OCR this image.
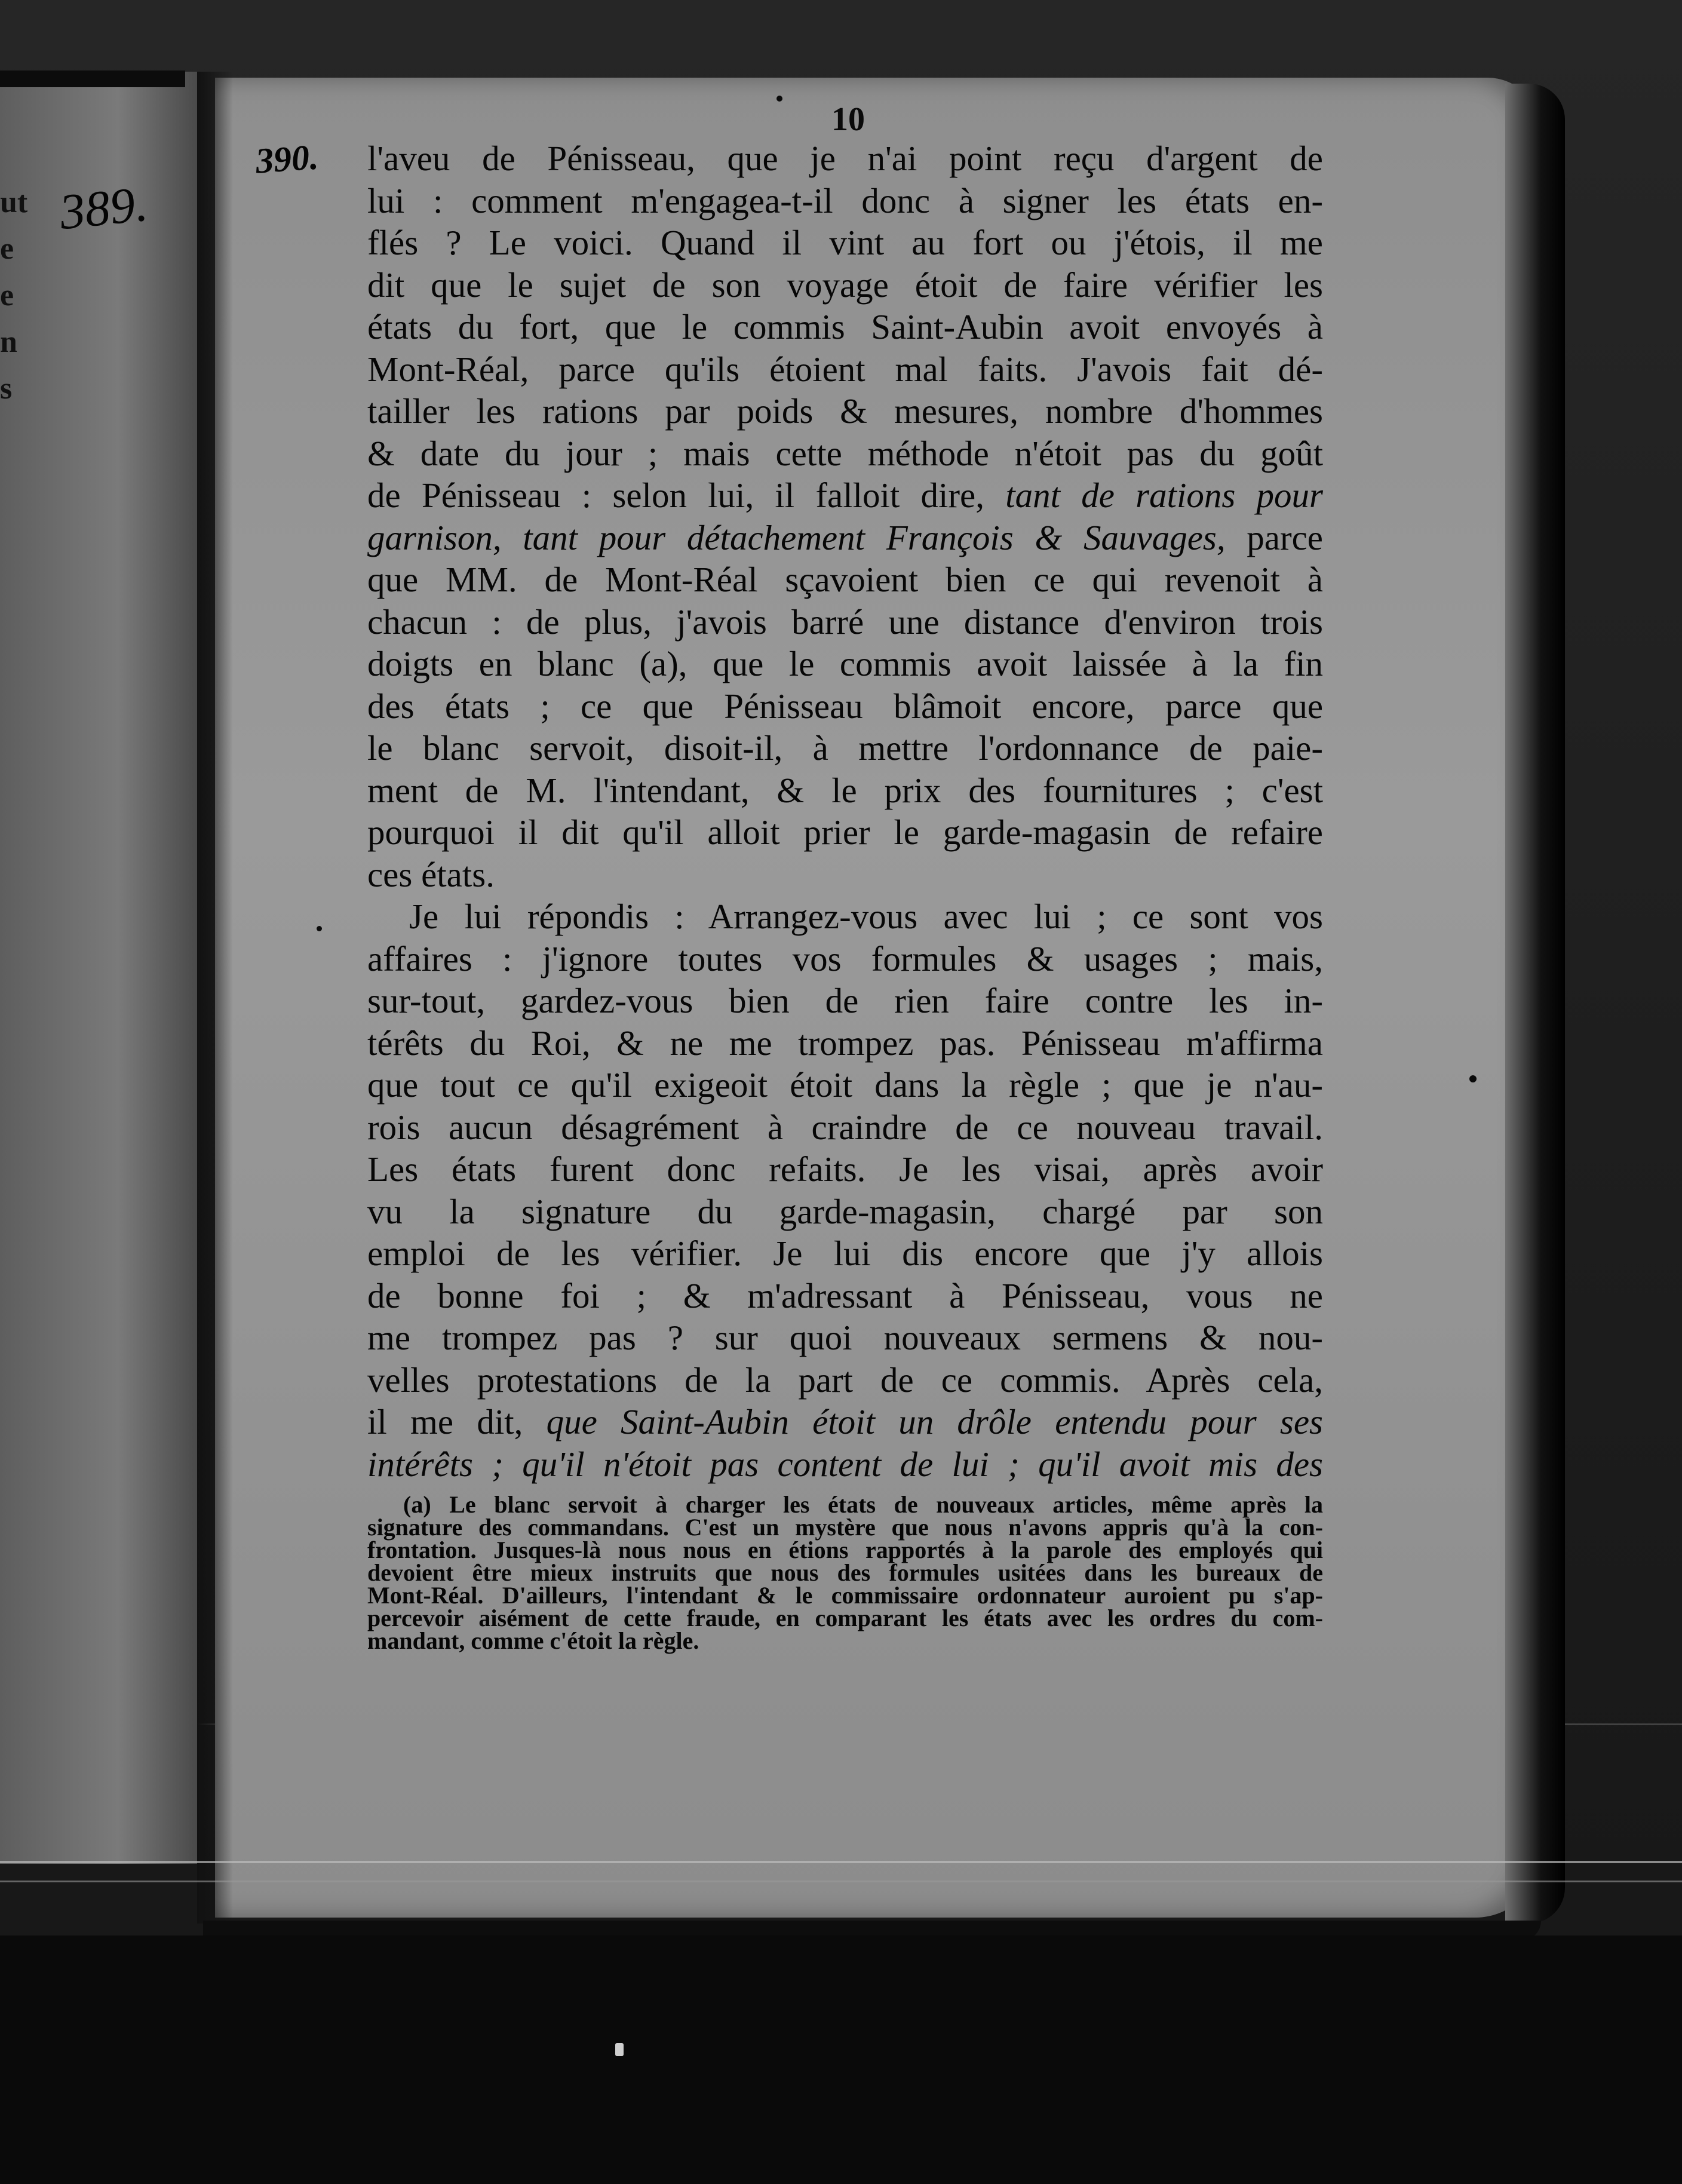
ut
e
e
n
s
389.
10
390. l'aveu de Pénisseau, que je n'ai point reçu d'argent de
lui : comment m'engagea-t-il donc à signer les états en-
flés ? Le voici. Quand il vint au fort ou j'étois, il me
dit que le sujet de son voyage étoit de faire vérifier les
états du fort, que le commis Saint-Aubin avoit envoyés à
Mont-Réal, parce qu'ils étoient mal faits. J'avois fait dé-
tailler les rations par poids & mesures, nombre d'hommes
& date du jour ; mais cette méthode n'étoit pas du goût
de Pénisseau : selon lui, il falloit dire, tant de rations pour
garnison, tant pour détachement François & Sauvages, parce
que MM. de Mont-Réal sçavoient bien ce qui revenoit à
chacun : de plus, j'avois barré une distance d'environ trois
doigts en blanc (a), que le commis avoit laissée à la fin
des états ; ce que Pénisseau blâmoit encore, parce que
le blanc servoit, disoit-il, à mettre l'ordonnance de paie-
ment de M. l'intendant, & le prix des fournitures ; c'est
pourquoi il dit qu'il alloit prier le garde-magasin de refaire
ces états.
Je lui répondis : Arrangez-vous avec lui ; ce sont vos
affaires : j'ignore toutes vos formules & usages ; mais,
sur-tout, gardez-vous bien de rien faire contre les in-
térêts du Roi, & ne me trompez pas. Pénisseau m'affirma
que tout ce qu'il exigeoit étoit dans la règle ; que je n'au-
rois aucun désagrément à craindre de ce nouveau travail.
Les états furent donc refaits. Je les visai, après avoir
vu la signature du garde-magasin, chargé par son
emploi de les vérifier. Je lui dis encore que j'y allois
de bonne foi ; & m'adressant à Pénisseau, vous ne
me trompez pas ? sur quoi nouveaux sermens & nou-
velles protestations de la part de ce commis. Après cela,
il me dit, que Saint-Aubin étoit un drôle entendu pour ses
intérêts ; qu'il n'étoit pas content de lui ; qu'il avoit mis des
(a) Le blanc servoit à charger les états de nouveaux articles, même après la
signature des commandans. C'est un mystère que nous n'avons appris qu'à la con-
frontation. Jusques-là nous nous en étions rapportés à la parole des employés qui
devoient être mieux instruits que nous des formules usitées dans les bureaux de
Mont-Réal. D'ailleurs, l'intendant & le commissaire ordonnateur auroient pu s'ap-
percevoir aisément de cette fraude, en comparant les états avec les ordres du com-
mandant, comme c'étoit la règle.
